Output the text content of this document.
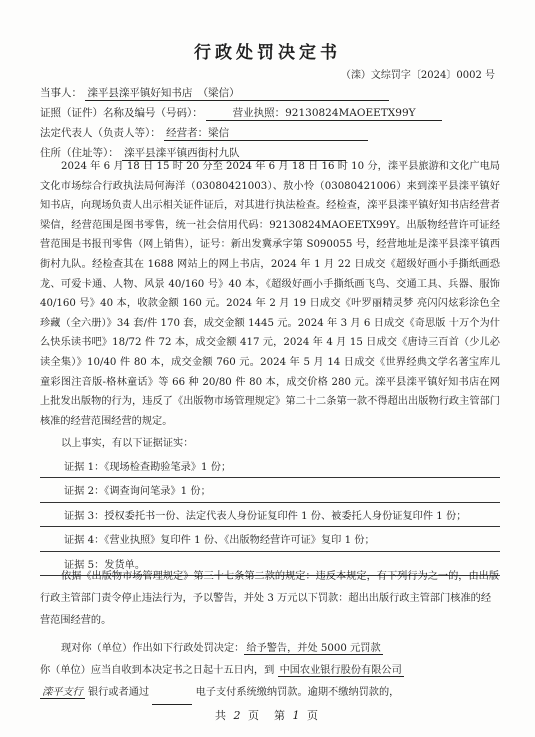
行政处罚决定书
（滦）文综罚字〔2024〕0002 号
当事人： 滦平县滦平镇好知书店　（梁信）
证照（证件）名称及编号（号码）：	营业执照：92130824MAOEETX99Y
法定代表人（负责人等）： 经营者：梁信
住所（住址等）： 滦平县滦平镇西街村九队
2024 年 6 月 18 日 15 时 20 分至 2024 年 6 月 18 日 16 时 10 分，滦平县旅游和文化广电局文化市场综合行政执法局何海洋（03080421003）、敖小怜（03080421006）来到滦平县滦平镇好知书店，向现场负责人出示相关证件证后，对其进行执法检查。经检查，滦平县滦平镇好知书店经营者梁信，经营范围是图书零售，统一社会信用代码：92130824MAOEETX99Y。出版物经营许可证经营范围是书报刊零售（网上销售），证号：新出发冀承字第 S090055 号，经营地址是滦平县滦平镇西街村九队。经检查其在 1688 网站上的网上书店，2024 年 1 月 22 日成交《超级好画小手撕纸画恐龙、可爱卡通、人物、风景 40/160 号》40 本，《超级好画小手撕纸画飞鸟、交通工具、兵器、服饰 40/160 号》40 本，收款金额 160 元。2024 年 2 月 19 日成交《叶罗丽精灵梦 亮闪闪炫彩涂色全珍藏（全六册）》34 套/件 170 套，成交金额 1445 元。2024 年 3 月 6 日成交《奇思版 十万个为什么快乐读书吧》18/72 件 72 本，成交金额 417 元，2024 年 4 月 15 日成交《唐诗三百首（少儿必读全集）》10/40 件 80 本，成交金额 760 元。2024 年 5 月 14 日成交《世界经典文学名著宝库儿童彩图注音版-格林童话》等 66 种 20/80 件 80 本，成交价格 280 元。滦平县滦平镇好知书店在网上批发出版物的行为，违反了《出版物市场管理规定》第二十二条第一款不得超出出版物行政主管部门核准的经营范围经营的规定。
以上事实，有以下证据证实：
证据 1：《现场检查勘验笔录》1 份；
证据 2：《调查询问笔录》1 份；
证据 3：授权委托书一份、法定代表人身份证复印件 1 份、被委托人身份证复印件 1 份；
证据 4：《营业执照》复印件 1 份、《出版物经营许可证》复印 1 份；
证据 5：发货单。
依据《出版物市场管理规定》第三十七条第二款的规定：违反本规定，有下列行为之一的，由出版行政主管部门责令停止违法行为，予以警告，并处 3 万元以下罚款：超出出版行政主管部门核准的经营范围经营的。
现对你（单位）作出如下行政处罚决定： 给予警告，并处 5000 元罚款
你（单位）应当自收到本决定书之日起十五日内，到 中国农业银行股份有限公司
滦平支行 银行或者通过	电子支付系统缴纳罚款。逾期不缴纳罚款的，
共 2 页　第 1 页
